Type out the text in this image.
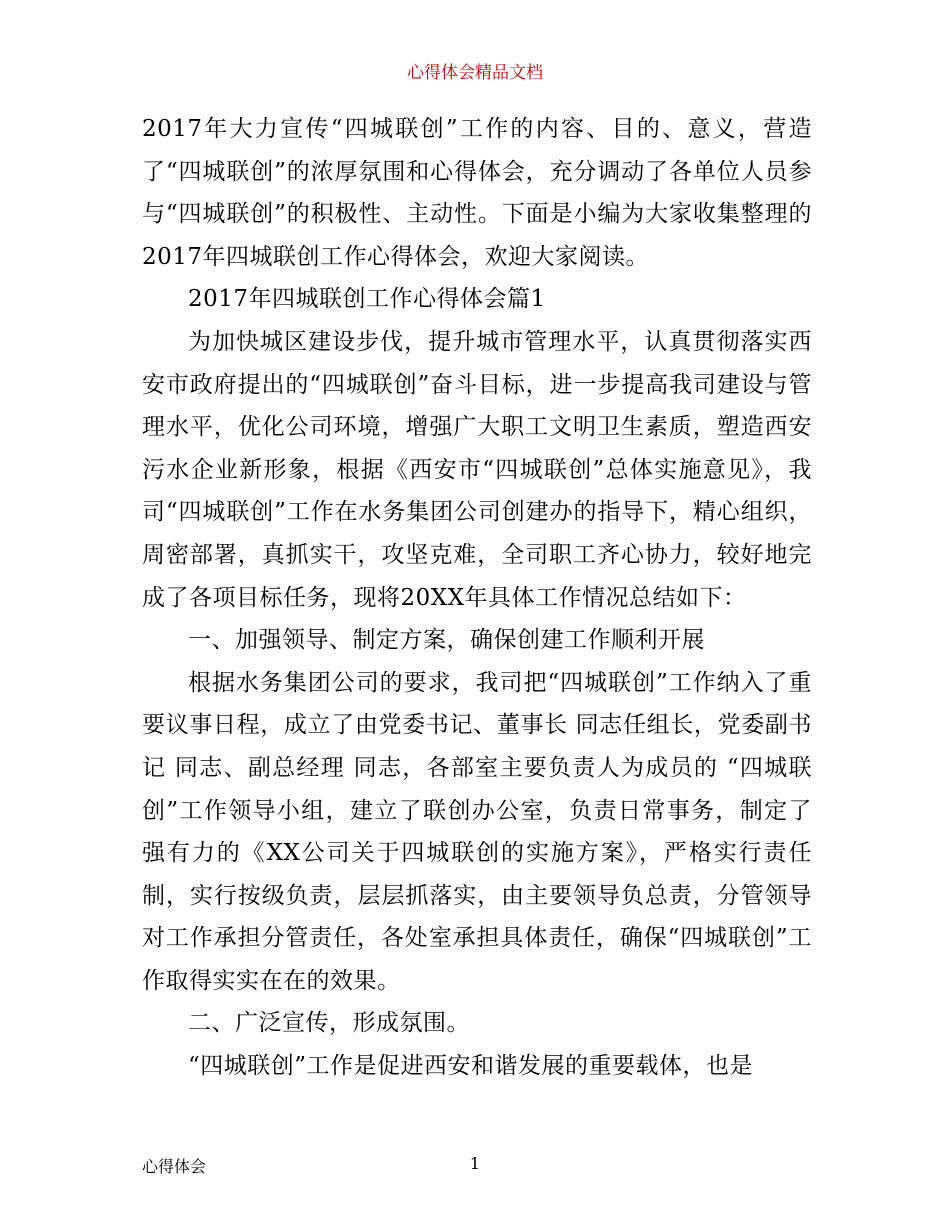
心得体会精品文档

2017年大力宣传“四城联创”工作的内容、目的、意义，营造了“四城联创”的浓厚氛围和心得体会，充分调动了各单位人员参与“四城联创”的积极性、主动性。下面是小编为大家收集整理的2017年四城联创工作心得体会，欢迎大家阅读。

2017年四城联创工作心得体会篇1

为加快城区建设步伐，提升城市管理水平，认真贯彻落实西安市政府提出的“四城联创”奋斗目标，进一步提高我司建设与管理水平，优化公司环境，增强广大职工文明卫生素质，塑造西安污水企业新形象，根据《西安市“四城联创”总体实施意见》，我司“四城联创”工作在水务集团公司创建办的指导下，精心组织，周密部署，真抓实干，攻坚克难，全司职工齐心协力，较好地完成了各项目标任务，现将20XX年具体工作情况总结如下：

一、加强领导、制定方案，确保创建工作顺利开展

根据水务集团公司的要求，我司把“四城联创”工作纳入了重要议事日程，成立了由党委书记、董事长 同志任组长，党委副书记 同志、副总经理 同志，各部室主要负责人为成员的 “四城联创”工作领导小组，建立了联创办公室，负责日常事务，制定了强有力的《XX公司关于四城联创的实施方案》，严格实行责任制，实行按级负责，层层抓落实，由主要领导负总责，分管领导对工作承担分管责任，各处室承担具体责任，确保“四城联创”工作取得实实在在的效果。

二、广泛宣传，形成氛围。

“四城联创”工作是促进西安和谐发展的重要载体，也是

心得体会	1
